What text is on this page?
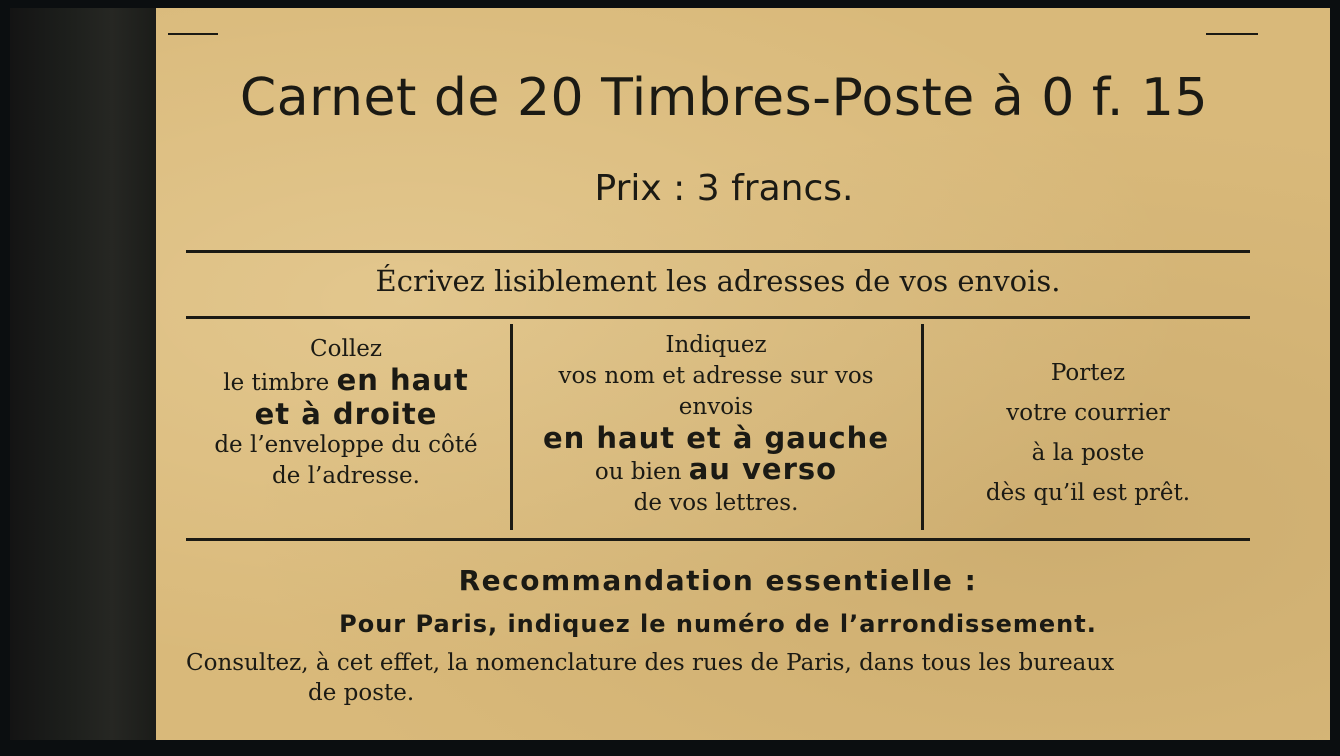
Carnet de 20 Timbres-Poste à 0 f. 15
Prix : 3 francs.
Écrivez lisiblement les adresses de vos envois.
Collez
le timbre en haut
et à droite
de l’enveloppe du côté
de l’adresse.
Indiquez
vos nom et adresse sur vos
envois
en haut et à gauche
ou bien au verso
de vos lettres.
Portez
votre courrier
à la poste
dès qu’il est prêt.
Recommandation essentielle :
Pour Paris, indiquez le numéro de l’arrondissement.
Consultez, à cet effet, la nomenclature des rues de Paris, dans tous les bureaux
de poste.
